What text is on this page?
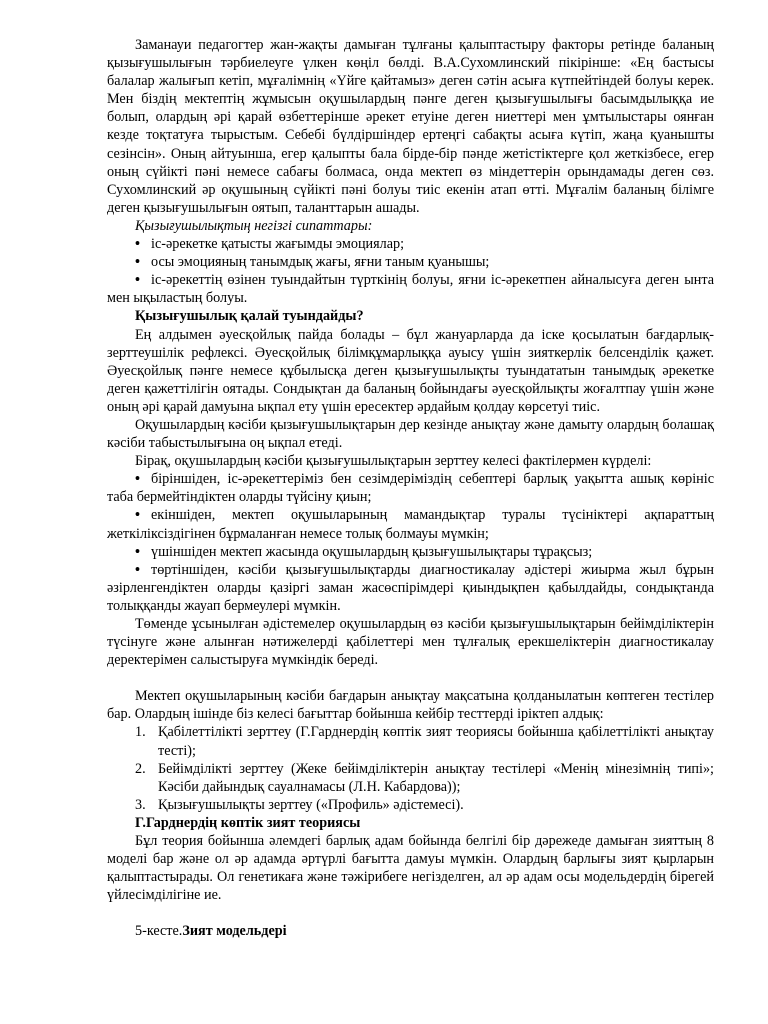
Заманауи педагогтер жан-жақты дамыған тұлғаны қалыптастыру факторы ретінде баланың қызығушылығын тәрбиелеуге үлкен көңіл бөлді. В.А.Сухомлинский пікірінше: «Ең бастысы балалар жалығып кетіп, мұғалімнің «Үйге қайтамыз» деген сәтін асыға күтпейтіндей болуы керек. Мен біздің мектептің жұмысын оқушылардың пәнге деген қызығушылығы басымдылыққа ие болып, олардың әрі қарай өзбеттерінше әрекет етуіне деген ниеттері мен ұмтылыстары оянған кезде тоқтатуға тырыстым. Себебі бүлдіршіндер ертеңгі сабақты асыға күтіп, жаңа қуанышты сезінсін». Оның айтуынша, егер қалыпты бала бірде-бір пәнде жетістіктерге қол жеткізбесе, егер оның сүйікті пәні немесе сабағы болмаса, онда мектеп өз міндеттерін орындамады деген сөз. Сухомлинский әр оқушының сүйікті пәні болуы тиіс екенін атап өтті. Мұғалім баланың білімге деген қызығушылығын оятып, таланттарын ашады.

Қызығушылықтың негізгі сипаттары:

• іс-әрекетке қатысты жағымды эмоциялар;
• осы эмоцияның танымдық жағы, яғни таным қуанышы;
• іс-әрекеттің өзінен туындайтын түрткінің болуы, яғни іс-әрекетпен айналысуға деген ынта мен ықыластың болуы.

Қызығушылық қалай туындайды?

Ең алдымен әуесқойлық пайда болады – бұл жануарларда да іске қосылатын бағдарлық-зерттеушілік рефлексі. Әуесқойлық білімқұмарлыққа ауысу үшін зияткерлік белсенділік қажет. Әуесқойлық пәнге немесе құбылысқа деген қызығушылықты туындататын танымдық әрекетке деген қажеттілігін оятады. Сондықтан да баланың бойындағы әуесқойлықты жоғалтпау үшін және оның әрі қарай дамуына ықпал ету үшін ересектер әрдайым қолдау көрсетуі тиіс.

Оқушылардың кәсіби қызығушылықтарын дер кезінде анықтау және дамыту олардың болашақ кәсіби табыстылығына оң ықпал етеді.

Бірақ, оқушылардың кәсіби қызығушылықтарын зерттеу келесі фактілермен күрделі:

• біріншіден, іс-әрекеттеріміз бен сезімдеріміздің себептері барлық уақытта ашық көрініс таба бермейтіндіктен оларды түйсіну қиын;
• екіншіден, мектеп оқушыларының мамандықтар туралы түсініктері ақпараттың жеткіліксіздігінен бұрмаланған немесе толық болмауы мүмкін;
• үшіншіден мектеп жасында оқушылардың қызығушылықтары тұрақсыз;
• төртіншіден, кәсіби қызығушылықтарды диагностикалау әдістері жиырма жыл бұрын әзірленгендіктен оларды қазіргі заман жасөспірімдері қиындықпен қабылдайды, сондықтанда толыққанды жауап бермеулері мүмкін.

Төменде ұсынылған әдістемелер оқушылардың өз кәсіби қызығушылықтарын бейімділіктерін түсінуге және алынған нәтижелерді қабілеттері мен тұлғалық ерекшеліктерін диагностикалау деректерімен салыстыруға мүмкіндік береді.

Мектеп оқушыларының кәсіби бағдарын анықтау мақсатына қолданылатын көптеген тестілер бар. Олардың ішінде біз келесі бағыттар бойынша кейбір тесттерді іріктеп алдық:

1. Қабілеттілікті зерттеу (Г.Гарднердің көптік зият теориясы бойынша қабілеттілікті анықтау тесті);
2. Бейімділікті зерттеу (Жеке бейімділіктерін анықтау тестілері «Менің мінезімнің типі»; Кәсіби дайындық сауалнамасы (Л.Н. Кабардова));
3. Қызығушылықты зерттеу («Профиль» әдістемесі).

Г.Гарднердің көптік зият теориясы

Бұл теория бойынша әлемдегі барлық адам бойында белгілі бір дәрежеде дамыған зияттың 8 моделі бар және ол әр адамда әртүрлі бағытта дамуы мүмкін. Олардың барлығы зият қырларын қалыптастырады. Ол генетикаға және тәжірибеге негізделген, ал әр адам осы модельдердің бірегей үйлесімділігіне ие.

5-кесте.Зият модельдері
